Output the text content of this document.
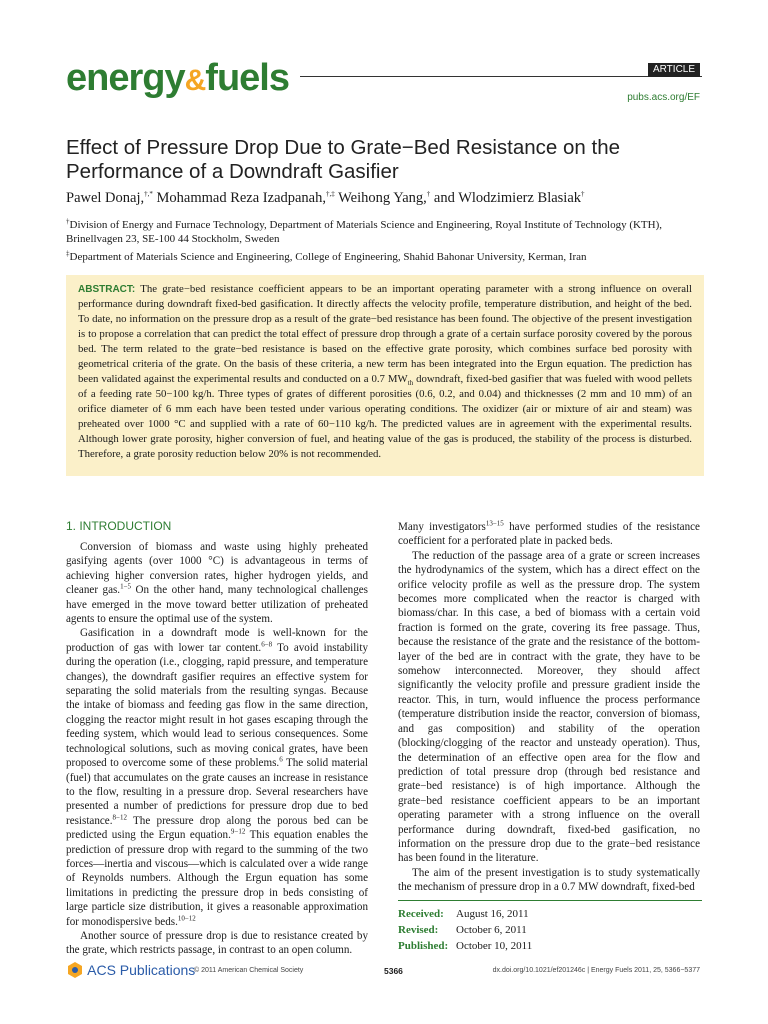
energy&fuels	ARTICLE
pubs.acs.org/EF
Effect of Pressure Drop Due to Grate−Bed Resistance on the Performance of a Downdraft Gasifier
Pawel Donaj,†,* Mohammad Reza Izadpanah,†,‡ Weihong Yang,† and Wlodzimierz Blasiak†
†Division of Energy and Furnace Technology, Department of Materials Science and Engineering, Royal Institute of Technology (KTH), Brinellvagen 23, SE-100 44 Stockholm, Sweden
‡Department of Materials Science and Engineering, College of Engineering, Shahid Bahonar University, Kerman, Iran
ABSTRACT: The grate−bed resistance coefficient appears to be an important operating parameter with a strong influence on overall performance during downdraft fixed-bed gasification. It directly affects the velocity profile, temperature distribution, and height of the bed. To date, no information on the pressure drop as a result of the grate−bed resistance has been found. The objective of the present investigation is to propose a correlation that can predict the total effect of pressure drop through a grate of a certain surface porosity covered by the porous bed. The term related to the grate−bed resistance is based on the effective grate porosity, which combines surface bed porosity with geometrical criteria of the grate. On the basis of these criteria, a new term has been integrated into the Ergun equation. The prediction has been validated against the experimental results and conducted on a 0.7 $MW_{th}$ downdraft, fixed-bed gasifier that was fueled with wood pellets of a feeding rate 50−100 kg/h. Three types of grates of different porosities (0.6, 0.2, and 0.04) and thicknesses (2 mm and 10 mm) of an orifice diameter of 6 mm each have been tested under various operating conditions. The oxidizer (air or mixture of air and steam) was preheated over 1000 °C and supplied with a rate of 60−110 kg/h. The predicted values are in agreement with the experimental results. Although lower grate porosity, higher conversion of fuel, and heating value of the gas is produced, the stability of the process is disturbed. Therefore, a grate porosity reduction below 20% is not recommended.
1. INTRODUCTION

Conversion of biomass and waste using highly preheated gasifying agents (over 1000 °C) is advantageous in terms of achieving higher conversion rates, higher hydrogen yields, and cleaner gas.$^{1-5}$ On the other hand, many technological challenges have emerged in the move toward better utilization of preheated agents to ensure the optimal use of the system.

Gasification in a downdraft mode is well-known for the production of gas with lower tar content.$^{6-8}$ To avoid instability during the operation (i.e., clogging, rapid pressure, and temperature changes), the downdraft gasifier requires an effective system for separating the solid materials from the resulting syngas. Because the intake of biomass and feeding gas flow in the same direction, clogging the reactor might result in hot gases escaping through the feeding system, which would lead to serious consequences. Some technological solutions, such as moving conical grates, have been proposed to overcome some of these problems.$^6$ The solid material (fuel) that accumulates on the grate causes an increase in resistance to the flow, resulting in a pressure drop. Several researchers have presented a number of predictions for pressure drop due to bed resistance.$^{8-12}$ The pressure drop along the porous bed can be predicted using the Ergun equation.$^{9-12}$ This equation enables the prediction of pressure drop with regard to the summing of the two forces—inertia and viscous—which is calculated over a wide range of Reynolds numbers. Although the Ergun equation has some limitations in predicting the pressure drop in beds consisting of large particle size distribution, it gives a reasonable approximation for monodispersive beds.$^{10-12}$

Another source of pressure drop is due to resistance created by the grate, which restricts passage, in contrast to an open column.

Many investigators$^{13-15}$ have performed studies of the resistance coefficient for a perforated plate in packed beds.

The reduction of the passage area of a grate or screen increases the hydrodynamics of the system, which has a direct effect on the orifice velocity profile as well as the pressure drop. The system becomes more complicated when the reactor is charged with biomass/char. In this case, a bed of biomass with a certain void fraction is formed on the grate, covering its free passage. Thus, because the resistance of the grate and the resistance of the bottom-layer of the bed are in contract with the grate, they have to be somehow interconnected. Moreover, they should affect significantly the velocity profile and pressure gradient inside the reactor. This, in turn, would influence the process performance (temperature distribution inside the reactor, conversion of biomass, and gas composition) and stability of the operation (blocking/clogging of the reactor and unsteady operation). Thus, the determination of an effective open area for the flow and prediction of total pressure drop (through bed resistance and grate−bed resistance) is of high importance. Although the grate−bed resistance coefficient appears to be an important operating parameter with a strong influence on the overall performance during downdraft, fixed-bed gasification, no information on the pressure drop due to the grate−bed resistance has been found in the literature.

The aim of the present investigation is to study systematically the mechanism of pressure drop in a 0.7 MW downdraft, fixed-bed

Received: August 16, 2011
Revised: October 6, 2011
Published: October 10, 2011
ACS Publications
© 2011 American Chemical Society	5366	dx.doi.org/10.1021/ef201246c | Energy Fuels 2011, 25, 5366−5377
